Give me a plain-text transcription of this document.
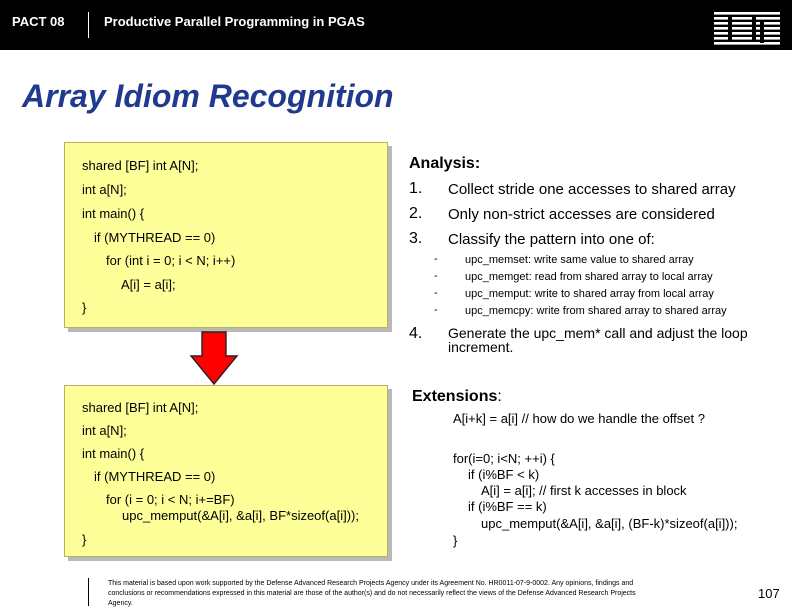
PACT 08	Productive Parallel Programming in PGAS
Array Idiom Recognition
shared [BF] int A[N];
int a[N];
int main() {
if (MYTHREAD == 0)
for (int i = 0; i < N; i++)
A[i] = a[i];
}
shared [BF] int A[N];
int a[N];
int main() {
if (MYTHREAD == 0)
for (i = 0; i < N; i+=BF)
upc_memput(&A[i], &a[i], BF*sizeof(a[i]));
}
Analysis:
1. Collect stride one accesses to shared array
2. Only non-strict accesses are considered
3. Classify the pattern into one of:
- upc_memset: write same value to shared array
- upc_memget: read from shared array to local array
- upc_memput: write to shared array from local array
- upc_memcpy: write from shared array to shared array
4. Generate the upc_mem* call and adjust the loop increment.
Extensions:
A[i+k] = a[i] // how do we handle the offset ?
for(i=0; i<N; ++i) {
if (i%BF < k)
A[i] = a[i]; // first k accesses in block
if (i%BF == k)
upc_memput(&A[i], &a[i], (BF-k)*sizeof(a[i]));
}
This material is based upon work supported by the Defense Advanced Research Projects Agency under its Agreement No. HR0011-07-9-0002. Any opinions, findings and conclusions or recommendations expressed in this material are those of the author(s) and do not necessarily reflect the views of the Defense Advanced Research Projects Agency.
107
